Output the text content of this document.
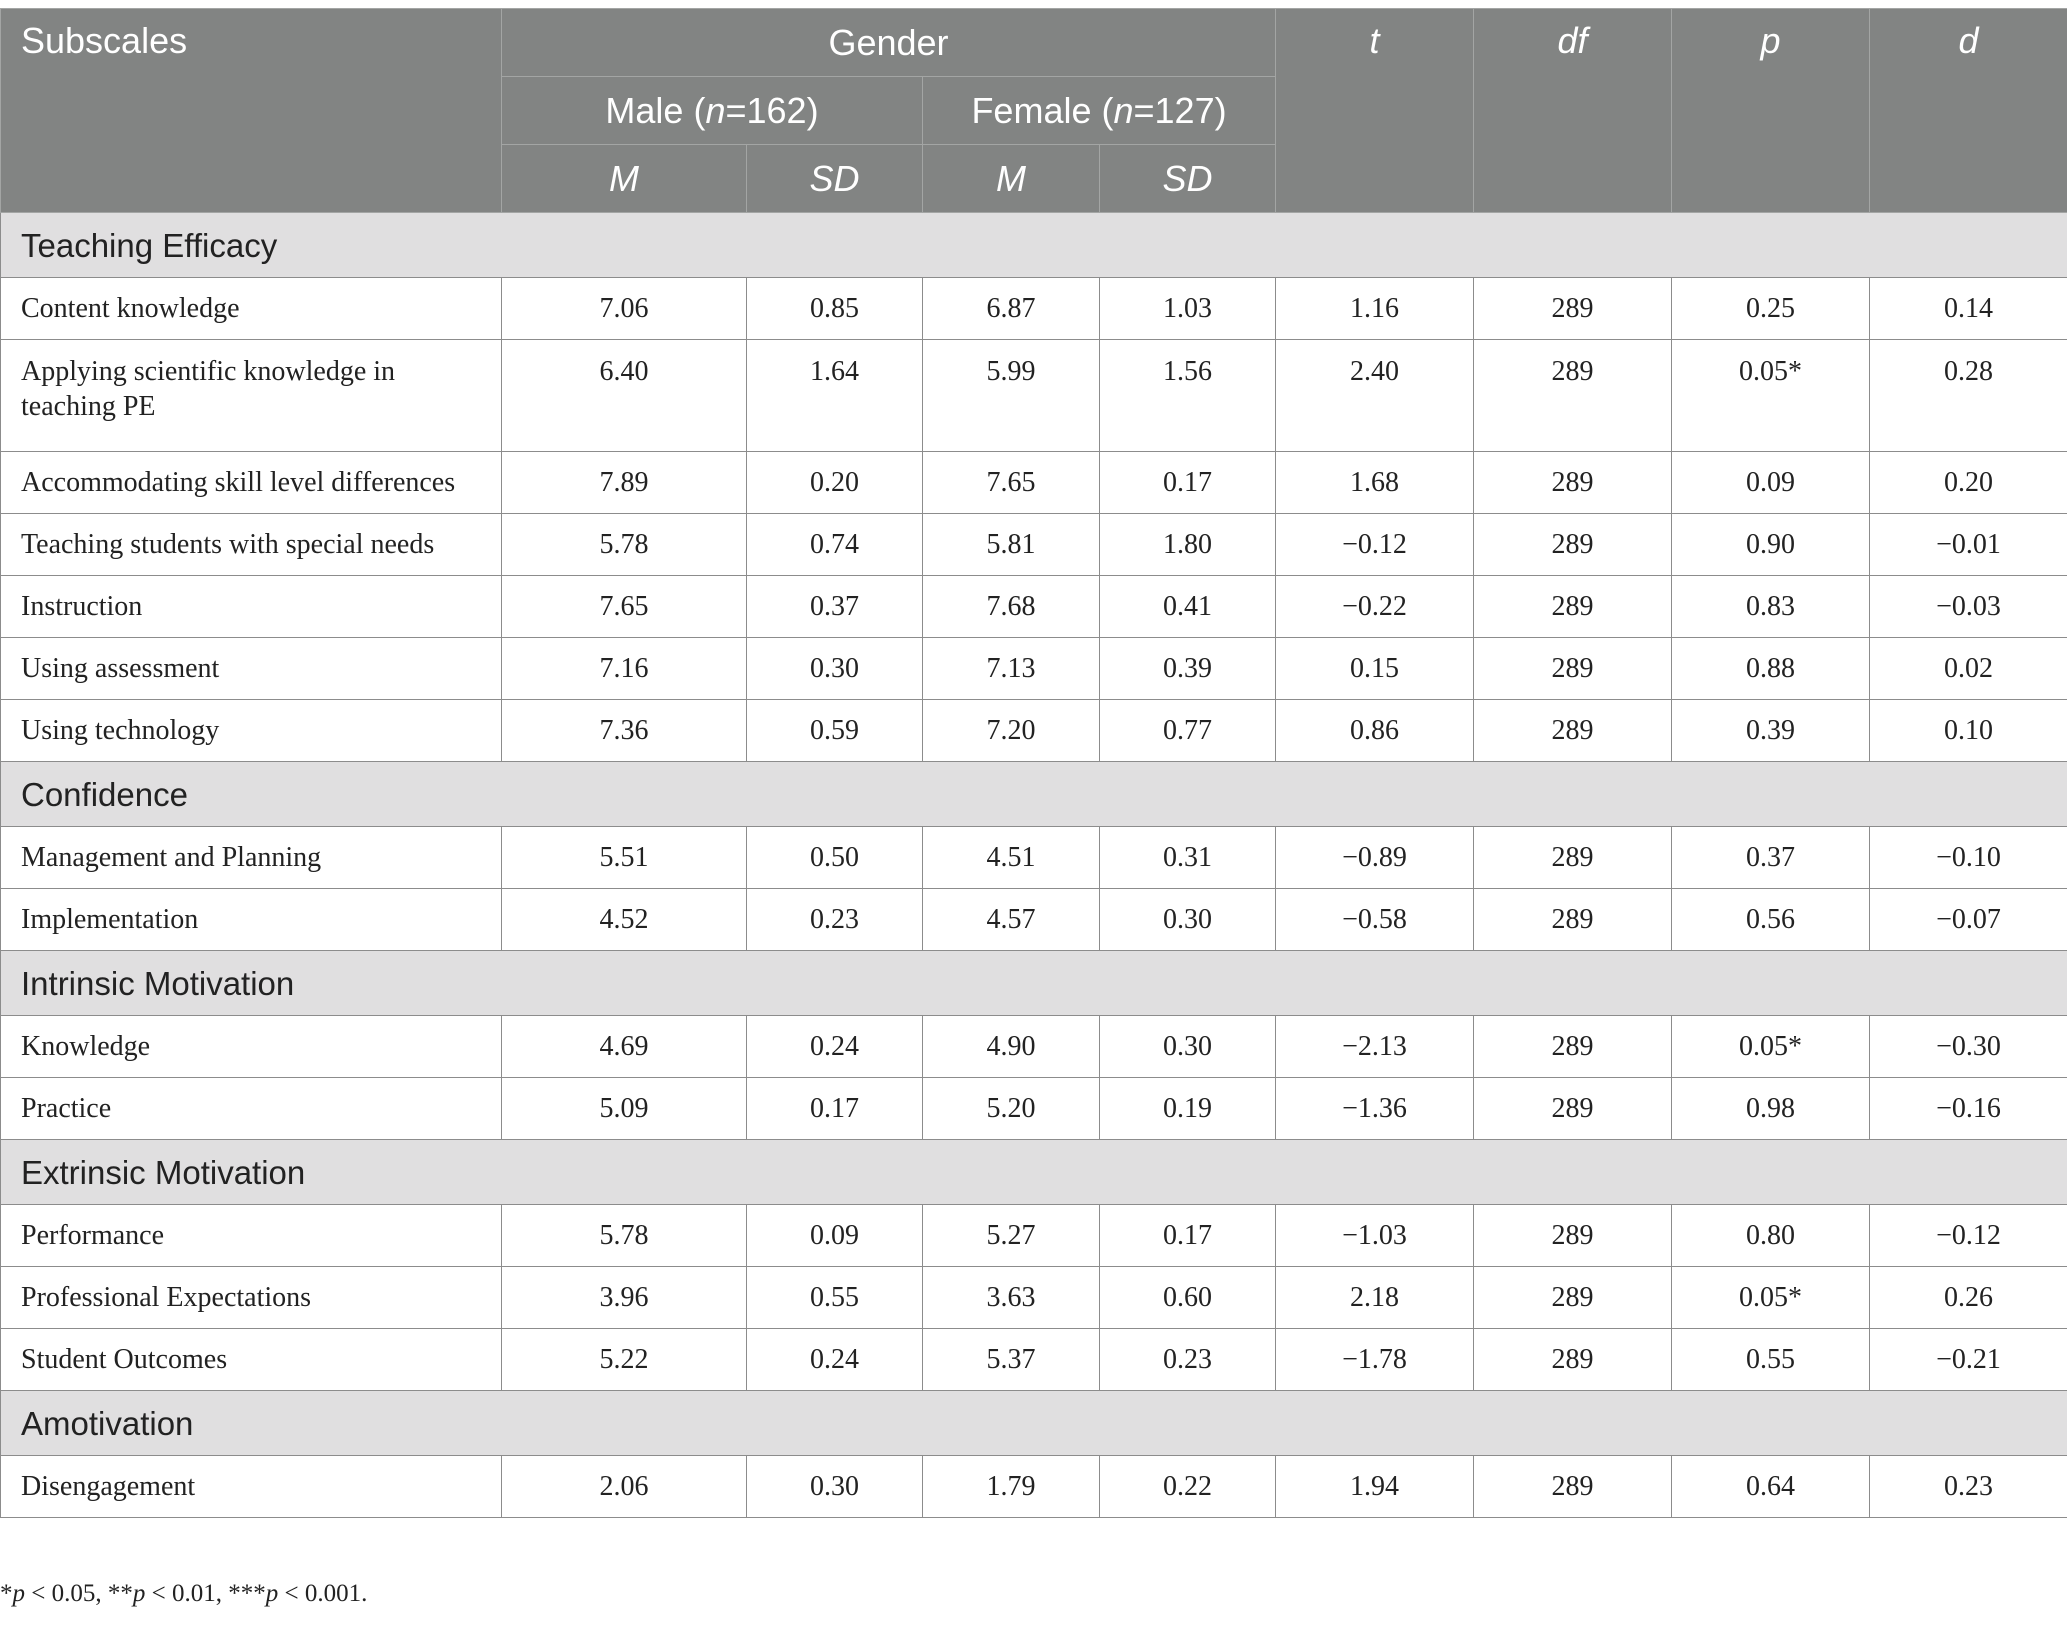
Subscales	Gender				t	df	p	d
	Male (n=162)		Female (n=127)					
	M	SD	M	SD				
Teaching Efficacy								
Content knowledge	7.06	0.85	6.87	1.03	1.16	289	0.25	0.14
Applying scientific knowledge in teaching PE	6.40	1.64	5.99	1.56	2.40	289	0.05*	0.28
Accommodating skill level differences	7.89	0.20	7.65	0.17	1.68	289	0.09	0.20
Teaching students with special needs	5.78	0.74	5.81	1.80	−0.12	289	0.90	−0.01
Instruction	7.65	0.37	7.68	0.41	−0.22	289	0.83	−0.03
Using assessment	7.16	0.30	7.13	0.39	0.15	289	0.88	0.02
Using technology	7.36	0.59	7.20	0.77	0.86	289	0.39	0.10
Confidence								
Management and Planning	5.51	0.50	4.51	0.31	−0.89	289	0.37	−0.10
Implementation	4.52	0.23	4.57	0.30	−0.58	289	0.56	−0.07
Intrinsic Motivation								
Knowledge	4.69	0.24	4.90	0.30	−2.13	289	0.05*	−0.30
Practice	5.09	0.17	5.20	0.19	−1.36	289	0.98	−0.16
Extrinsic Motivation								
Performance	5.78	0.09	5.27	0.17	−1.03	289	0.80	−0.12
Professional Expectations	3.96	0.55	3.63	0.60	2.18	289	0.05*	0.26
Student Outcomes	5.22	0.24	5.37	0.23	−1.78	289	0.55	−0.21
Amotivation								
Disengagement	2.06	0.30	1.79	0.22	1.94	289	0.64	0.23
*p < 0.05, **p < 0.01, ***p < 0.001.
